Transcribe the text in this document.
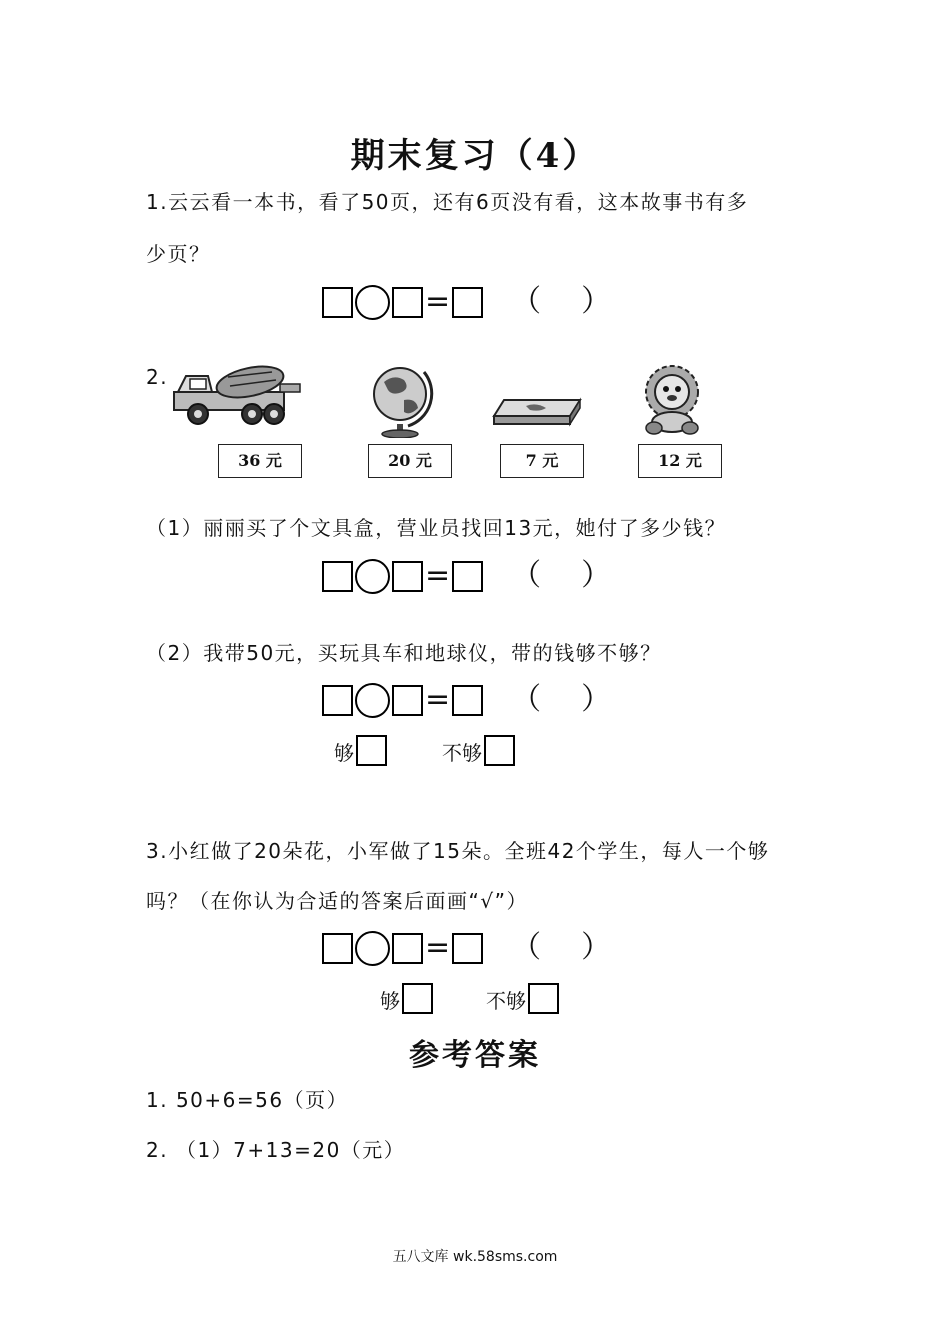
期末复习（4）
1.云云看一本书，看了50页，还有6页没有看，这本故事书有多
少页？
= （ ）
2.
36 元	20 元	7 元	12 元
（1）丽丽买了个文具盒，营业员找回13元，她付了多少钱？
= （ ）
（2）我带50元，买玩具车和地球仪，带的钱够不够？
= （ ）
够	不够
3.小红做了20朵花，小军做了15朵。全班42个学生，每人一个够
吗？（在你认为合适的答案后面画“√”）
= （ ）
够	不够
参考答案
1. 50+6=56（页）
2. （1）7+13=20（元）
五八文库 wk.58sms.com
